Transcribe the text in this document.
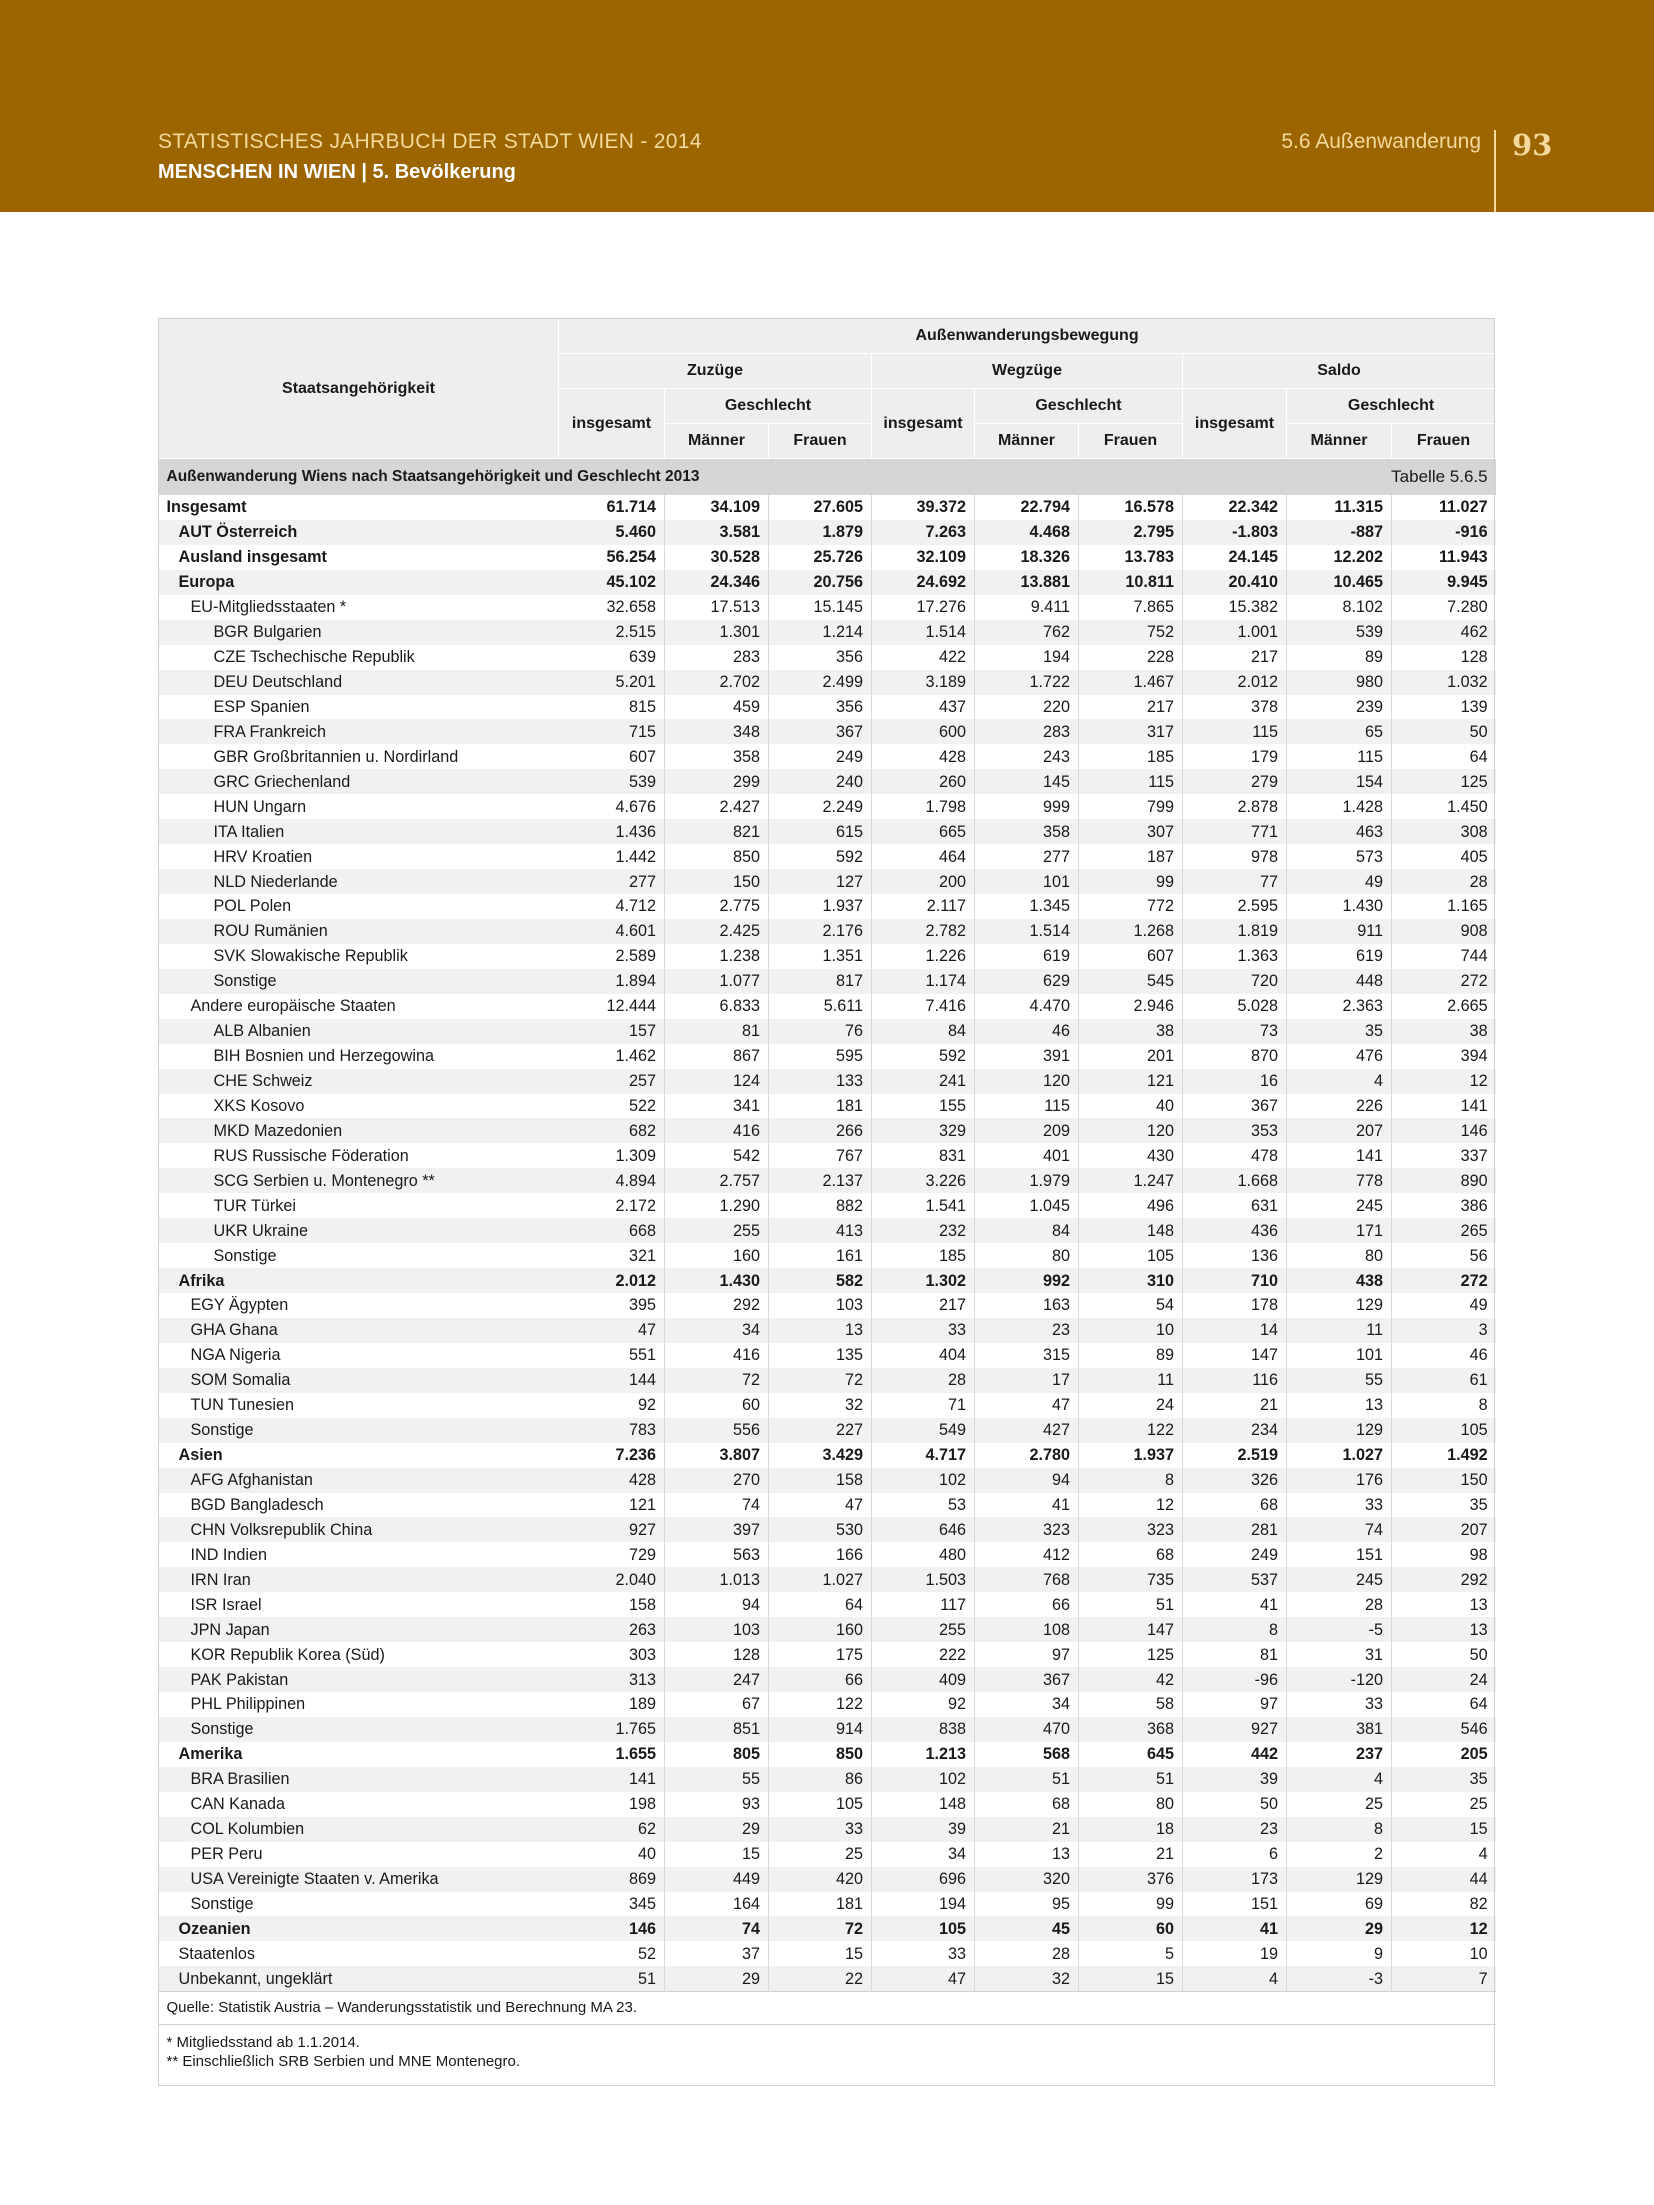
STATISTISCHES JAHRBUCH DER STADT WIEN - 2014
MENSCHEN IN WIEN | 5. Bevölkerung
5.6 Außenwanderung 93
Außenwanderung Wiens nach Staatsangehörigkeit und Geschlecht 2013							Tabelle 5.6.5		
Staatsangehörigkeit	Außenwanderungsbewegung								
	Zuzüge			Wegzüge			Saldo		
	insgesamt	Geschlecht		insgesamt	Geschlecht		insgesamt	Geschlecht	
		Männer	Frauen		Männer	Frauen		Männer	Frauen
Insgesamt	61.714	34.109	27.605	39.372	22.794	16.578	22.342	11.315	11.027
AUT Österreich	5.460	3.581	1.879	7.263	4.468	2.795	-1.803	-887	-916
Ausland insgesamt	56.254	30.528	25.726	32.109	18.326	13.783	24.145	12.202	11.943
Europa	45.102	24.346	20.756	24.692	13.881	10.811	20.410	10.465	9.945
EU-Mitgliedsstaaten *	32.658	17.513	15.145	17.276	9.411	7.865	15.382	8.102	7.280
BGR Bulgarien	2.515	1.301	1.214	1.514	762	752	1.001	539	462
CZE Tschechische Republik	639	283	356	422	194	228	217	89	128
DEU Deutschland	5.201	2.702	2.499	3.189	1.722	1.467	2.012	980	1.032
ESP Spanien	815	459	356	437	220	217	378	239	139
FRA Frankreich	715	348	367	600	283	317	115	65	50
GBR Großbritannien u. Nordirland	607	358	249	428	243	185	179	115	64
GRC Griechenland	539	299	240	260	145	115	279	154	125
HUN Ungarn	4.676	2.427	2.249	1.798	999	799	2.878	1.428	1.450
ITA Italien	1.436	821	615	665	358	307	771	463	308
HRV Kroatien	1.442	850	592	464	277	187	978	573	405
NLD Niederlande	277	150	127	200	101	99	77	49	28
POL Polen	4.712	2.775	1.937	2.117	1.345	772	2.595	1.430	1.165
ROU Rumänien	4.601	2.425	2.176	2.782	1.514	1.268	1.819	911	908
SVK Slowakische Republik	2.589	1.238	1.351	1.226	619	607	1.363	619	744
Sonstige	1.894	1.077	817	1.174	629	545	720	448	272
Andere europäische Staaten	12.444	6.833	5.611	7.416	4.470	2.946	5.028	2.363	2.665
ALB Albanien	157	81	76	84	46	38	73	35	38
BIH Bosnien und Herzegowina	1.462	867	595	592	391	201	870	476	394
CHE Schweiz	257	124	133	241	120	121	16	4	12
XKS Kosovo	522	341	181	155	115	40	367	226	141
MKD Mazedonien	682	416	266	329	209	120	353	207	146
RUS Russische Föderation	1.309	542	767	831	401	430	478	141	337
SCG Serbien u. Montenegro **	4.894	2.757	2.137	3.226	1.979	1.247	1.668	778	890
TUR Türkei	2.172	1.290	882	1.541	1.045	496	631	245	386
UKR Ukraine	668	255	413	232	84	148	436	171	265
Sonstige	321	160	161	185	80	105	136	80	56
Afrika	2.012	1.430	582	1.302	992	310	710	438	272
EGY Ägypten	395	292	103	217	163	54	178	129	49
GHA Ghana	47	34	13	33	23	10	14	11	3
NGA Nigeria	551	416	135	404	315	89	147	101	46
SOM Somalia	144	72	72	28	17	11	116	55	61
TUN Tunesien	92	60	32	71	47	24	21	13	8
Sonstige	783	556	227	549	427	122	234	129	105
Asien	7.236	3.807	3.429	4.717	2.780	1.937	2.519	1.027	1.492
AFG Afghanistan	428	270	158	102	94	8	326	176	150
BGD Bangladesch	121	74	47	53	41	12	68	33	35
CHN Volksrepublik China	927	397	530	646	323	323	281	74	207
IND Indien	729	563	166	480	412	68	249	151	98
IRN Iran	2.040	1.013	1.027	1.503	768	735	537	245	292
ISR Israel	158	94	64	117	66	51	41	28	13
JPN Japan	263	103	160	255	108	147	8	-5	13
KOR Republik Korea (Süd)	303	128	175	222	97	125	81	31	50
PAK Pakistan	313	247	66	409	367	42	-96	-120	24
PHL Philippinen	189	67	122	92	34	58	97	33	64
Sonstige	1.765	851	914	838	470	368	927	381	546
Amerika	1.655	805	850	1.213	568	645	442	237	205
BRA Brasilien	141	55	86	102	51	51	39	4	35
CAN Kanada	198	93	105	148	68	80	50	25	25
COL Kolumbien	62	29	33	39	21	18	23	8	15
PER Peru	40	15	25	34	13	21	6	2	4
USA Vereinigte Staaten v. Amerika	869	449	420	696	320	376	173	129	44
Sonstige	345	164	181	194	95	99	151	69	82
Ozeanien	146	74	72	105	45	60	41	29	12
Staatenlos	52	37	15	33	28	5	19	9	10
Unbekannt, ungeklärt	51	29	22	47	32	15	4	-3	7
Quelle: Statistik Austria – Wanderungsstatistik und Berechnung MA 23.									

* Mitgliedsstand ab 1.1.2014.
** Einschließlich SRB Serbien und MNE Montenegro.									
